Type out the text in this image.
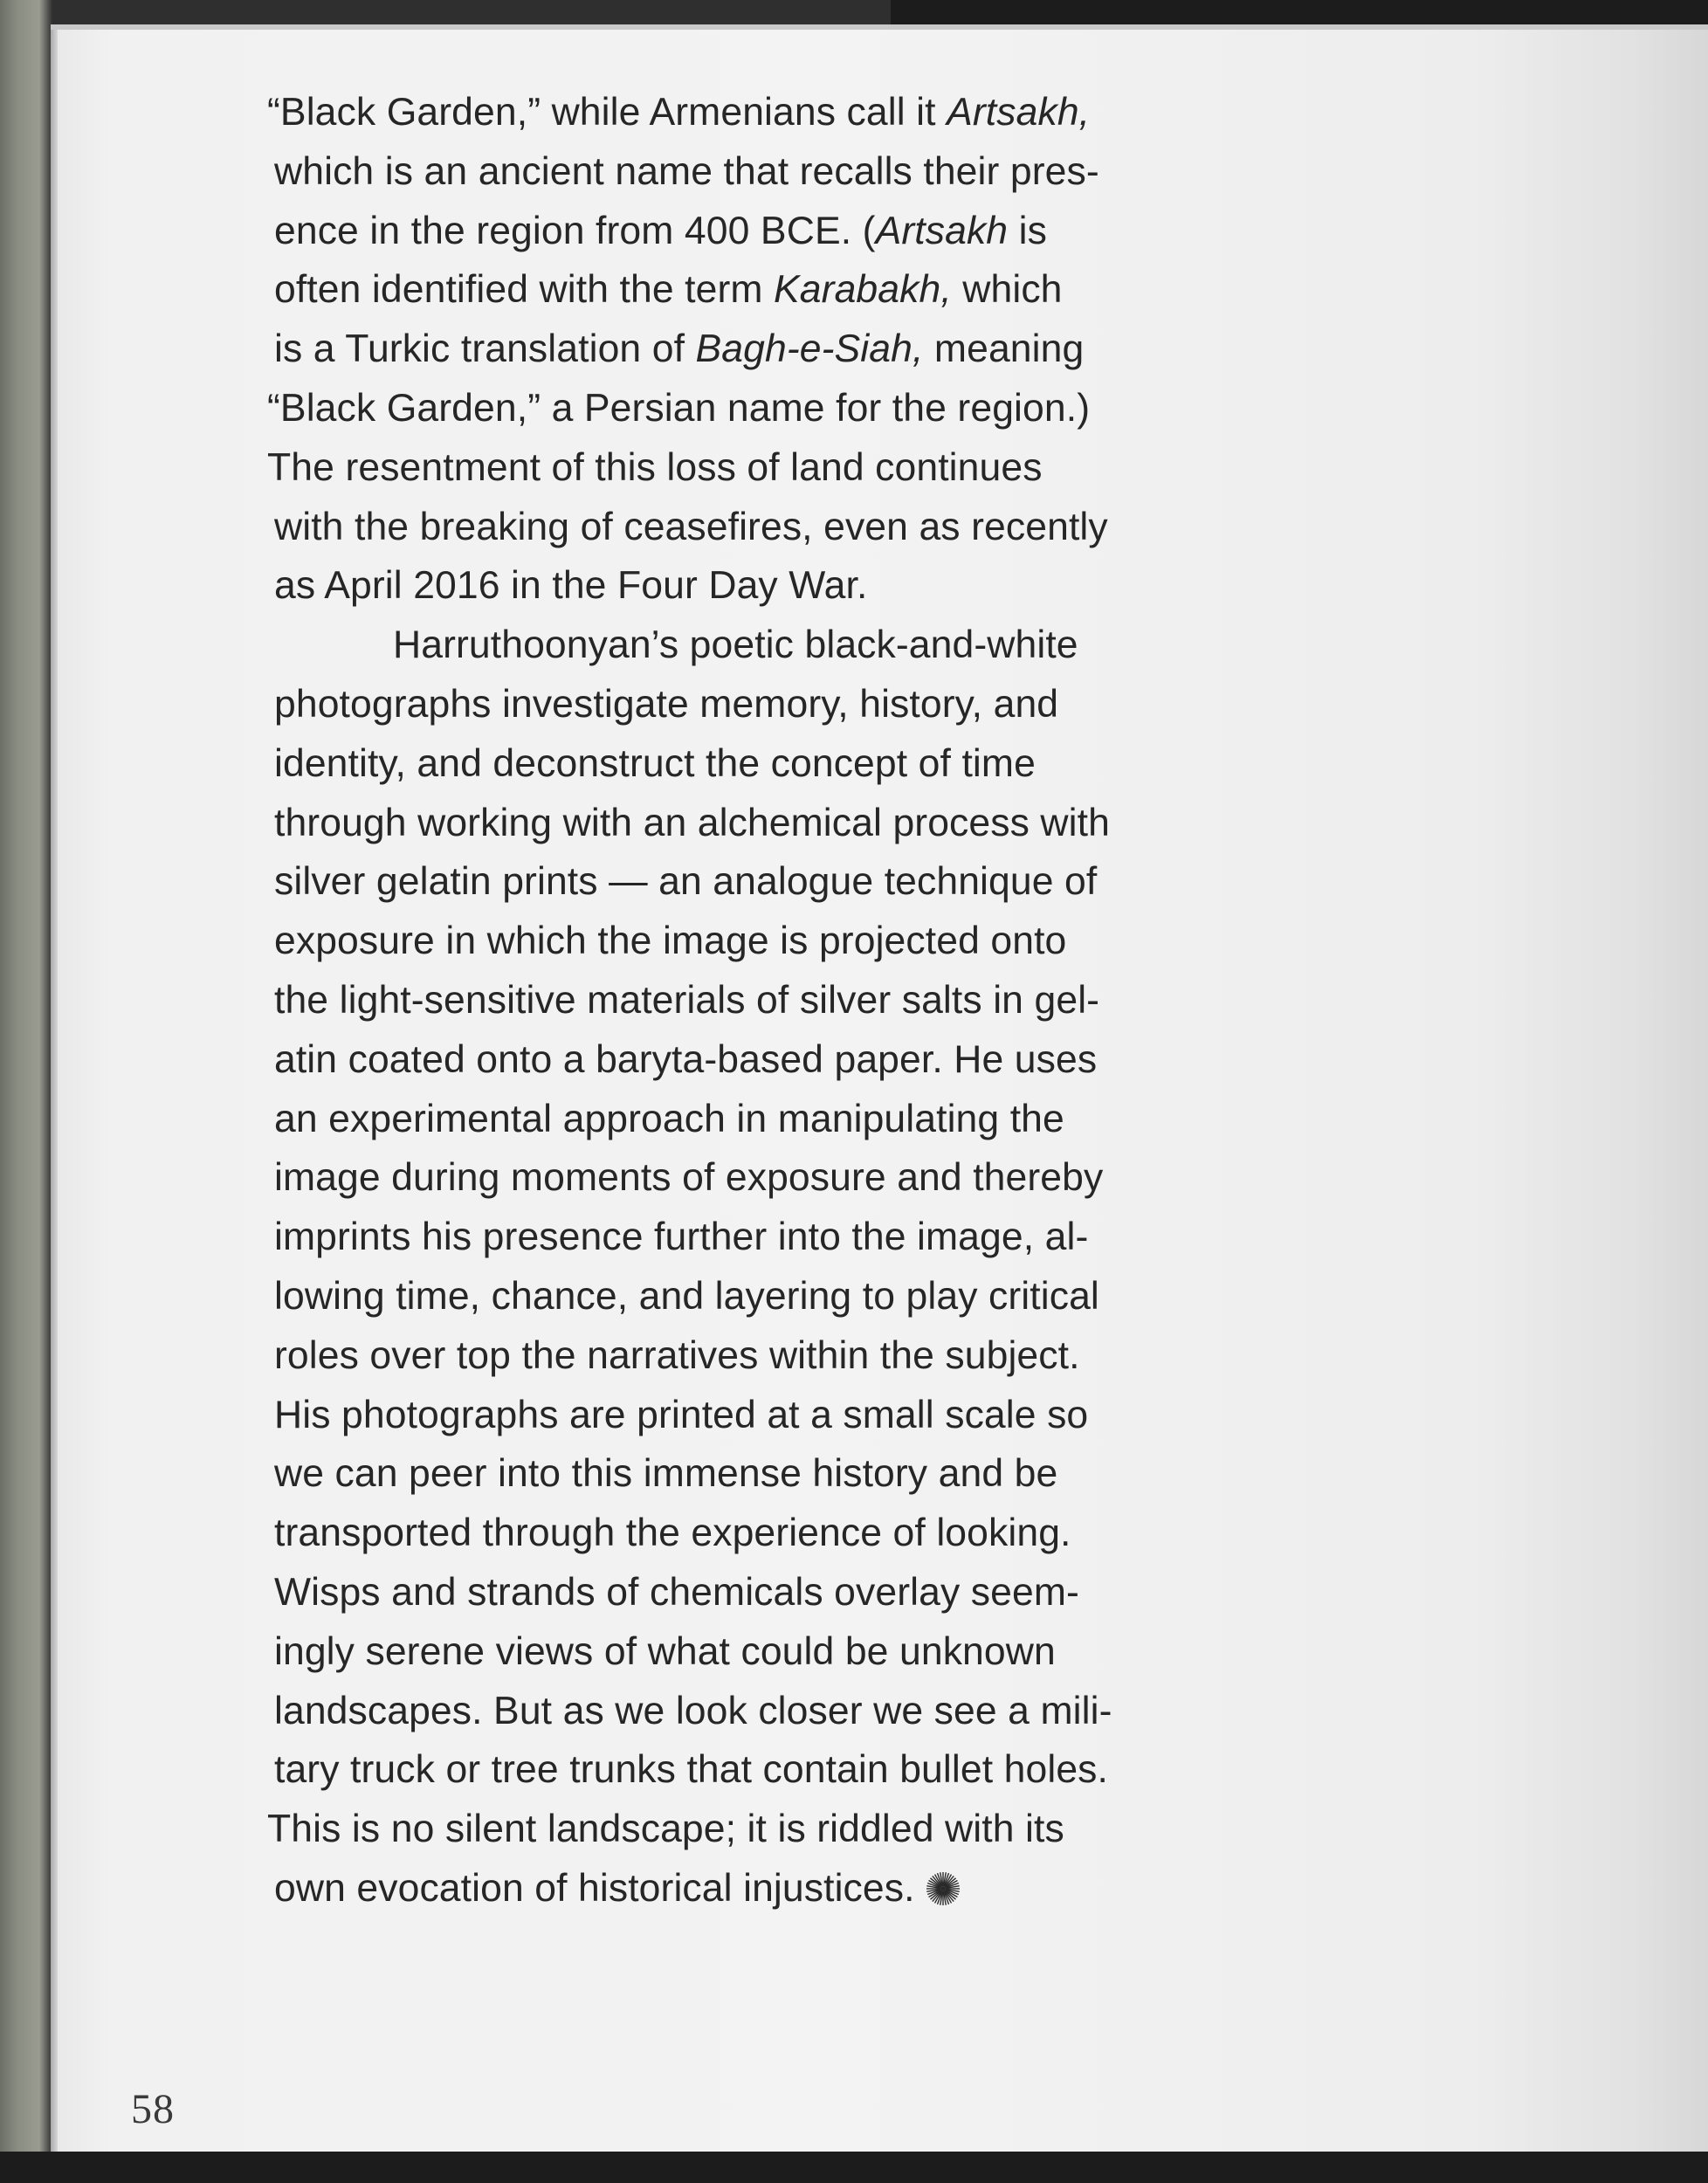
“Black Garden,” while Armenians call it Artsakh,
which is an ancient name that recalls their pres-
ence in the region from 400 BCE. (Artsakh is
often identified with the term Karabakh, which
is a Turkic translation of Bagh-e-Siah, meaning
“Black Garden,” a Persian name for the region.)
The resentment of this loss of land continues
with the breaking of ceasefires, even as recently
as April 2016 in the Four Day War.
Harruthoonyan’s poetic black-and-white
photographs investigate memory, history, and
identity, and deconstruct the concept of time
through working with an alchemical process with
silver gelatin prints — an analogue technique of
exposure in which the image is projected onto
the light-sensitive materials of silver salts in gel-
atin coated onto a baryta-based paper. He uses
an experimental approach in manipulating the
image during moments of exposure and thereby
imprints his presence further into the image, al-
lowing time, chance, and layering to play critical
roles over top the narratives within the subject.
His photographs are printed at a small scale so
we can peer into this immense history and be
transported through the experience of looking.
Wisps and strands of chemicals overlay seem-
ingly serene views of what could be unknown
landscapes. But as we look closer we see a mili-
tary truck or tree trunks that contain bullet holes.
This is no silent landscape; it is riddled with its
own evocation of historical injustices.
58
